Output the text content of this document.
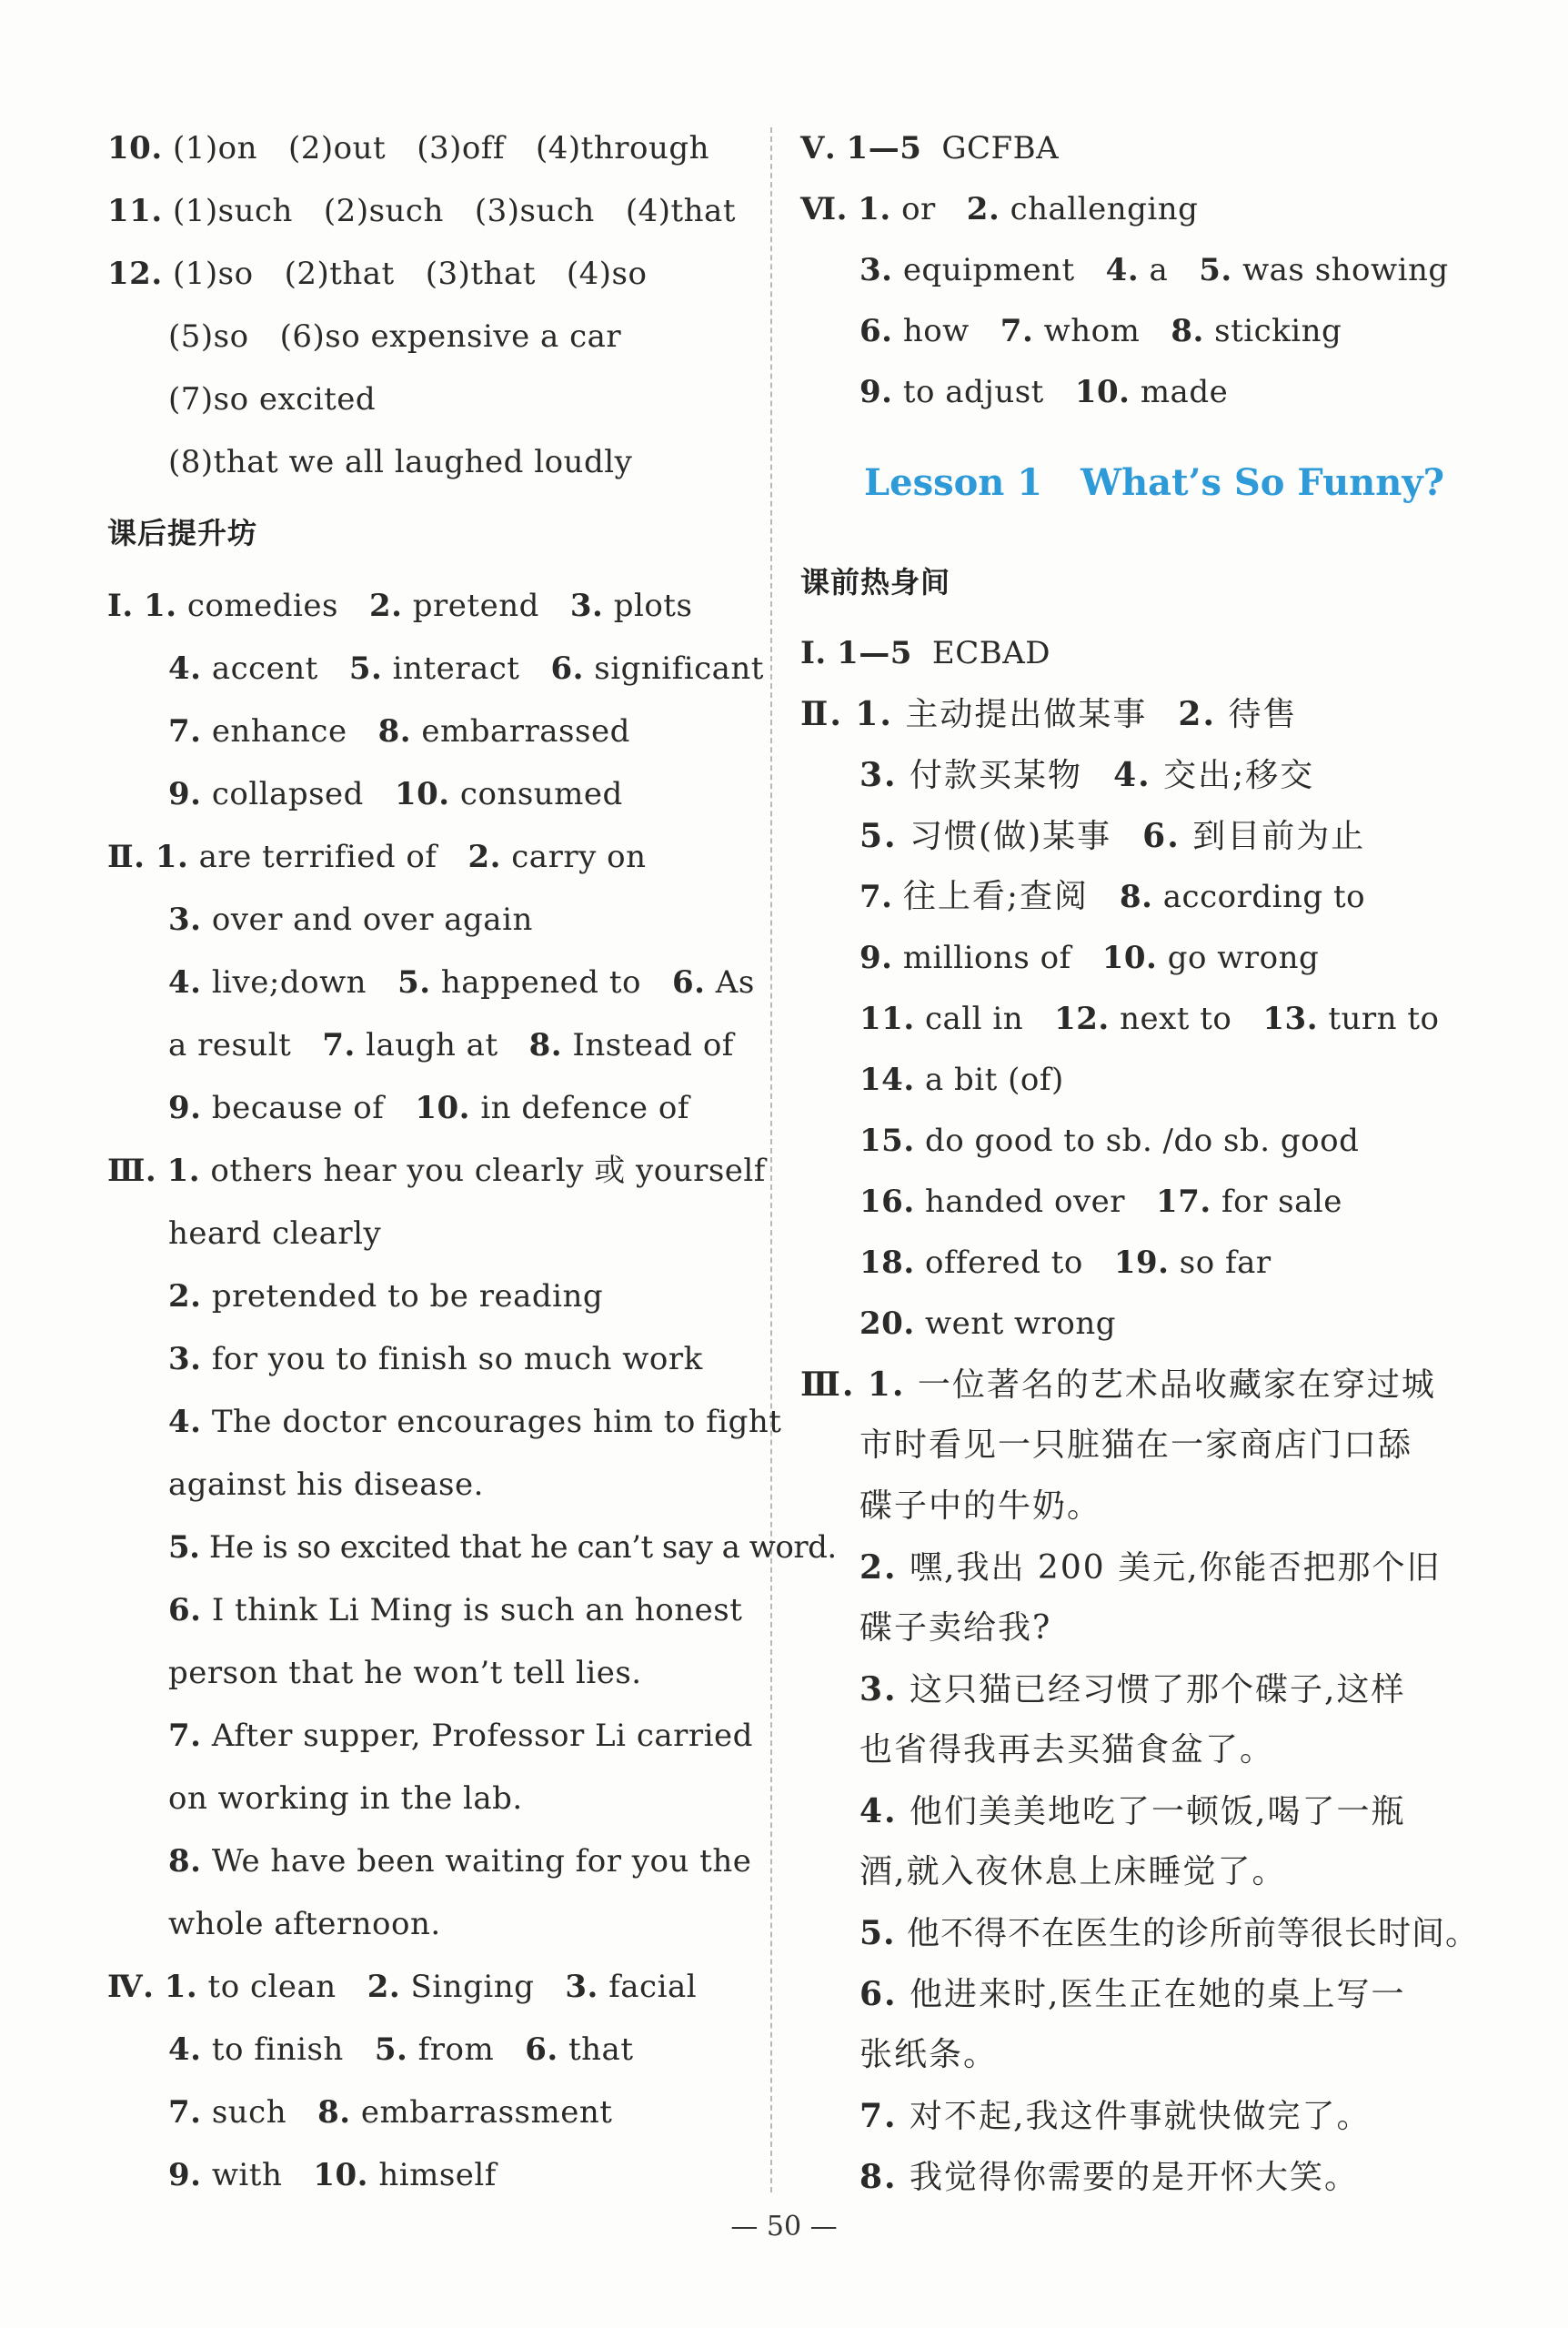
10. (1)on (2)out (3)off (4)through
11. (1)such (2)such (3)such (4)that
12. (1)so (2)that (3)that (4)so
(5)so (6)so expensive a car
(7)so excited
(8)that we all laughed loudly
课后提升坊
Ⅰ. 1. comedies 2. pretend 3. plots
4. accent 5. interact 6. significant
7. enhance 8. embarrassed
9. collapsed 10. consumed
Ⅱ. 1. are terrified of 2. carry on
3. over and over again
4. live;down 5. happened to 6. As
a result 7. laugh at 8. Instead of
9. because of 10. in defence of
Ⅲ. 1. others hear you clearly 或 yourself
heard clearly
2. pretended to be reading
3. for you to finish so much work
4. The doctor encourages him to fight
against his disease.
5. He is so excited that he can’t say a word.
6. I think Li Ming is such an honest
person that he won’t tell lies.
7. After supper, Professor Li carried
on working in the lab.
8. We have been waiting for you the
whole afternoon.
Ⅳ. 1. to clean 2. Singing 3. facial
4. to finish 5. from 6. that
7. such 8. embarrassment
9. with 10. himself
Ⅴ. 1—5 GCFBA
Ⅵ. 1. or 2. challenging
3. equipment 4. a 5. was showing
6. how 7. whom 8. sticking
9. to adjust 10. made
Lesson 1 What’s So Funny?
课前热身间
Ⅰ. 1—5 ECBAD
Ⅱ. 1. 主动提出做某事 2. 待售
3. 付款买某物 4. 交出;移交
5. 习惯(做)某事 6. 到目前为止
7. 往上看;查阅 8. according to
9. millions of 10. go wrong
11. call in 12. next to 13. turn to
14. a bit (of)
15. do good to sb. /do sb. good
16. handed over 17. for sale
18. offered to 19. so far
20. went wrong
Ⅲ. 1. 一位著名的艺术品收藏家在穿过城
市时看见一只脏猫在一家商店门口舔
碟子中的牛奶。
2. 嘿,我出 200 美元,你能否把那个旧
碟子卖给我?
3. 这只猫已经习惯了那个碟子,这样
也省得我再去买猫食盆了。
4. 他们美美地吃了一顿饭,喝了一瓶
酒,就入夜休息上床睡觉了。
5. 他不得不在医生的诊所前等很长时间。
6. 他进来时,医生正在她的桌上写一
张纸条。
7. 对不起,我这件事就快做完了。
8. 我觉得你需要的是开怀大笑。
— 50 —
